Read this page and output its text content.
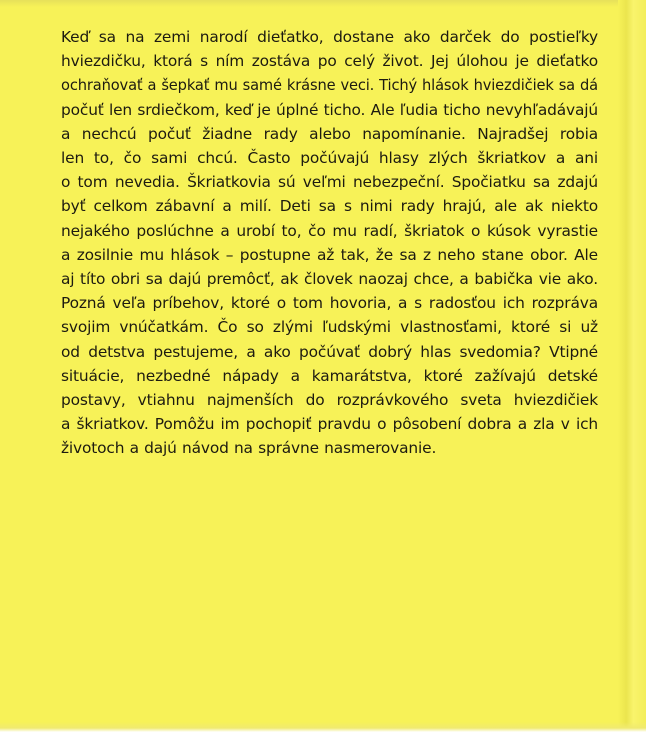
Keď sa na zemi narodí dieťatko, dostane ako darček do postieľky
hviezdičku, ktorá s ním zostáva po celý život. Jej úlohou je dieťatko
ochraňovať a šepkať mu samé krásne veci. Tichý hlások hviezdičiek sa dá
počuť len srdiečkom, keď je úplné ticho. Ale ľudia ticho nevyhľadávajú
a nechcú počuť žiadne rady alebo napomínanie. Najradšej robia
len to, čo sami chcú. Často počúvajú hlasy zlých škriatkov a ani
o tom nevedia. Škriatkovia sú veľmi nebezpeční. Spočiatku sa zdajú
byť celkom zábavní a milí. Deti sa s nimi rady hrajú, ale ak niekto
nejakého poslúchne a urobí to, čo mu radí, škriatok o kúsok vyrastie
a zosilnie mu hlások – postupne až tak, že sa z neho stane obor. Ale
aj títo obri sa dajú premôcť, ak človek naozaj chce, a babička vie ako.
Pozná veľa príbehov, ktoré o tom hovoria, a s radosťou ich rozpráva
svojim vnúčatkám. Čo so zlými ľudskými vlastnosťami, ktoré si už
od detstva pestujeme, a ako počúvať dobrý hlas svedomia? Vtipné
situácie, nezbedné nápady a kamarátstva, ktoré zažívajú detské
postavy, vtiahnu najmenších do rozprávkového sveta hviezdičiek
a škriatkov. Pomôžu im pochopiť pravdu o pôsobení dobra a zla v ich
životoch a dajú návod na správne nasmerovanie.
